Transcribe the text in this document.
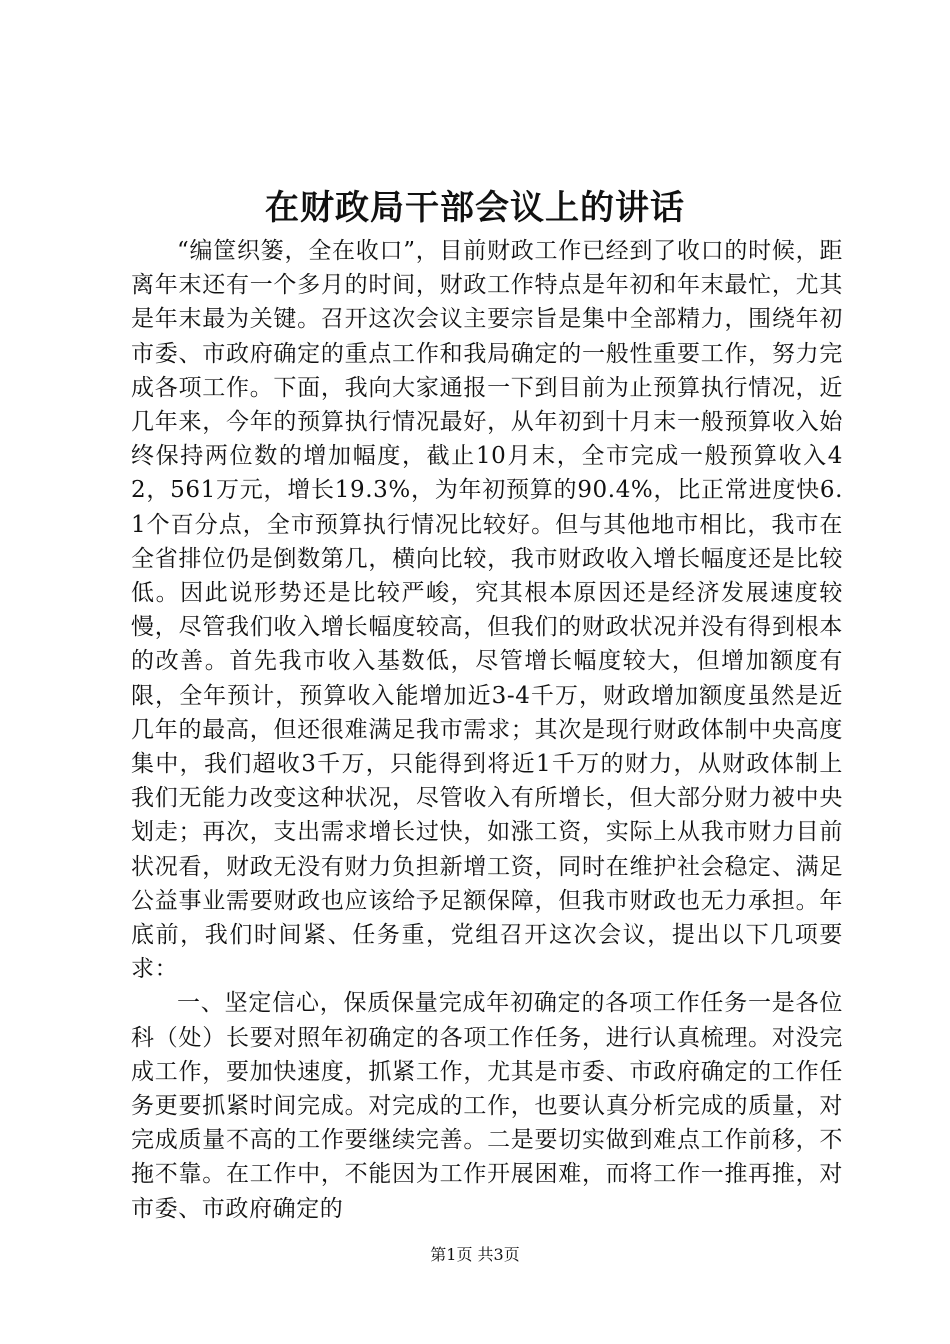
在财政局干部会议上的讲话

“编筐织篓，全在收口”，目前财政工作已经到了收口的时候，距离年末还有一个多月的时间，财政工作特点是年初和年末最忙，尤其是年末最为关键。召开这次会议主要宗旨是集中全部精力，围绕年初市委、市政府确定的重点工作和我局确定的一般性重要工作，努力完成各项工作。下面，我向大家通报一下到目前为止预算执行情况，近几年来，今年的预算执行情况最好，从年初到十月末一般预算收入始终保持两位数的增加幅度，截止10月末，全市完成一般预算收入42，561万元，增长19.3%，为年初预算的90.4%，比正常进度快6.1个百分点，全市预算执行情况比较好。但与其他地市相比，我市在全省排位仍是倒数第几，横向比较，我市财政收入增长幅度还是比较低。因此说形势还是比较严峻，究其根本原因还是经济发展速度较慢，尽管我们收入增长幅度较高，但我们的财政状况并没有得到根本的改善。首先我市收入基数低，尽管增长幅度较大，但增加额度有限，全年预计，预算收入能增加近3-4千万，财政增加额度虽然是近几年的最高，但还很难满足我市需求；其次是现行财政体制中央高度集中，我们超收3千万，只能得到将近1千万的财力，从财政体制上我们无能力改变这种状况，尽管收入有所增长，但大部分财力被中央划走；再次，支出需求增长过快，如涨工资，实际上从我市财力目前状况看，财政无没有财力负担新增工资，同时在维护社会稳定、满足公益事业需要财政也应该给予足额保障，但我市财政也无力承担。年底前，我们时间紧、任务重，党组召开这次会议，提出以下几项要求：

一、坚定信心，保质保量完成年初确定的各项工作任务一是各位科（处）长要对照年初确定的各项工作任务，进行认真梳理。对没完成工作，要加快速度，抓紧工作，尤其是市委、市政府确定的工作任务更要抓紧时间完成。对完成的工作，也要认真分析完成的质量，对完成质量不高的工作要继续完善。二是要切实做到难点工作前移，不拖不靠。在工作中，不能因为工作开展困难，而将工作一推再推，对市委、市政府确定的

第1页 共3页
